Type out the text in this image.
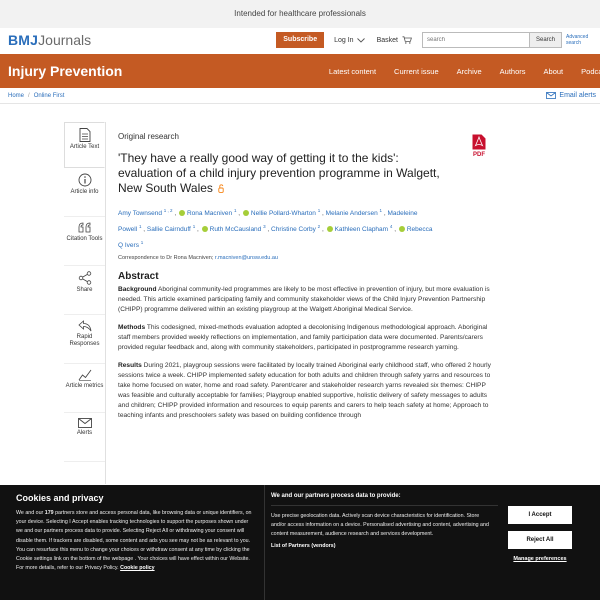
Intended for healthcare professionals
BMJ Journals	Subscribe	Log In	Basket
search	Search	Advanced search
Injury Prevention	Latest content Current issue Archive Authors About Podcasts
Home / Online First	Email alerts
Article Text
Article info
Citation Tools
Share
Rapid Responses
Article metrics
Alerts
Original research
PDF
'They have a really good way of getting it to the kids': evaluation of a child injury prevention programme in Walgett, New South Wales
Amy Townsend $^{1 , 2}$ , Rona Macniven $^1$ , Nellie Pollard-Wharton $^1$ , Melanie Andersen $^1$ , Madeleine Powell $^1$ , Sallie Cairnduff $^1$ , Ruth McCausland $^3$ , Christine Corby $^2$ , Kathleen Clapham $^4$ , Rebecca Q Ivers $^1$
Correspondence to Dr Rona Macniven; r.macniven@unsw.edu.au
Abstract

Background Aboriginal community-led programmes are likely to be most effective in prevention of injury, but more evaluation is needed. This article examined participating family and community stakeholder views of the Child Injury Prevention Partnership (CHIPP) programme delivered within an existing playgroup at the Walgett Aboriginal Medical Service.

Methods This codesigned, mixed-methods evaluation adopted a decolonising Indigenous methodological approach. Aboriginal staff members provided weekly reflections on implementation, and family participation data were documented. Parents/carers provided regular feedback and, along with community stakeholders, participated in postprogramme research yarning.

Results During 2021, playgroup sessions were facilitated by locally trained Aboriginal early childhood staff, who offered 2 hourly sessions twice a week. CHIPP implemented safety education for both adults and children through safety yarns and resources to take home focused on water, home and road safety. Parent/carer and stakeholder research yarns revealed six themes: CHIPP was feasible and culturally acceptable for families; Playgroup enabled supportive, holistic delivery of safety messages to adults and children; CHIPP provided information and resources to equip parents and carers to help teach safety at home; Approach to teaching infants and preschoolers safety was based on building confidence through

Cookies and privacy

We and our 179 partners store and access personal data, like browsing data or unique identifiers, on your device. Selecting I Accept enables tracking technologies to support the purposes shown under we and our partners process data to provide. Selecting Reject All or withdrawing your consent will disable them. If trackers are disabled, some content and ads you see may not be as relevant to you. You can resurface this menu to change your choices or withdraw consent at any time by clicking the Cookie settings link on the bottom of the webpage . Your choices will have effect within our Website. For more details, refer to our Privacy Policy. Cookie policy

We and our partners process data to provide:

Use precise geolocation data. Actively scan device characteristics for identification. Store and/or access information on a device. Personalised advertising and content, advertising and content measurement, audience research and services development.

List of Partners (vendors)
I Accept
Reject All
Manage preferences
